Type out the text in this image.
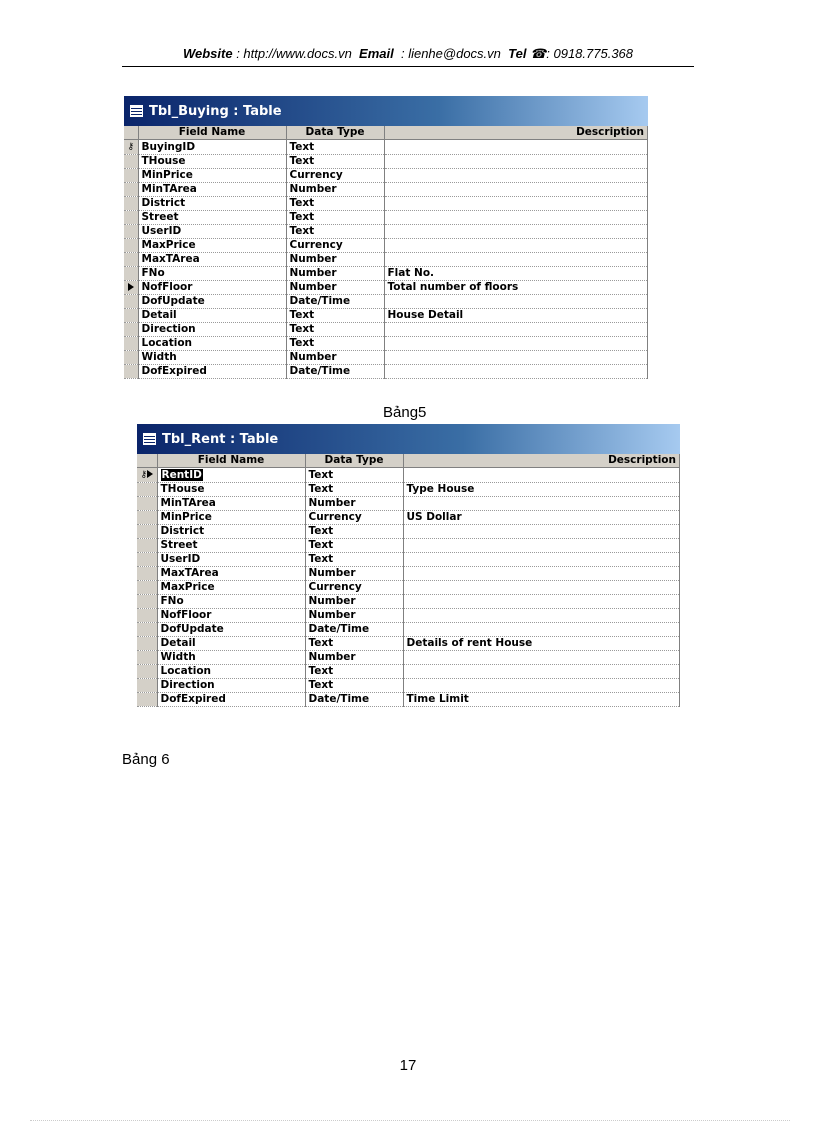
Website : http://www.docs.vn Email : lienhe@docs.vn Tel ☎: 0918.775.368
Tbl_Buying : Table
	Field Name	Data Type	Description
⚷	BuyingID	Text	
	THouse	Text	
	MinPrice	Currency	
	MinTArea	Number	
	District	Text	
	Street	Text	
	UserID	Text	
	MaxPrice	Currency	
	MaxTArea	Number	
	FNo	Number	Flat No.
	NofFloor	Number	Total number of floors
	DofUpdate	Date/Time	
	Detail	Text	House Detail
	Direction	Text	
	Location	Text	
	Width	Number	
	DofExpired	Date/Time	
Bảng5
Tbl_Rent : Table
	Field Name	Data Type	Description
⚷	RentID	Text	
	THouse	Text	Type House
	MinTArea	Number	
	MinPrice	Currency	US Dollar
	District	Text	
	Street	Text	
	UserID	Text	
	MaxTArea	Number	
	MaxPrice	Currency	
	FNo	Number	
	NofFloor	Number	
	DofUpdate	Date/Time	
	Detail	Text	Details of rent House
	Width	Number	
	Location	Text	
	Direction	Text	
	DofExpired	Date/Time	Time Limit
Bảng 6
17
